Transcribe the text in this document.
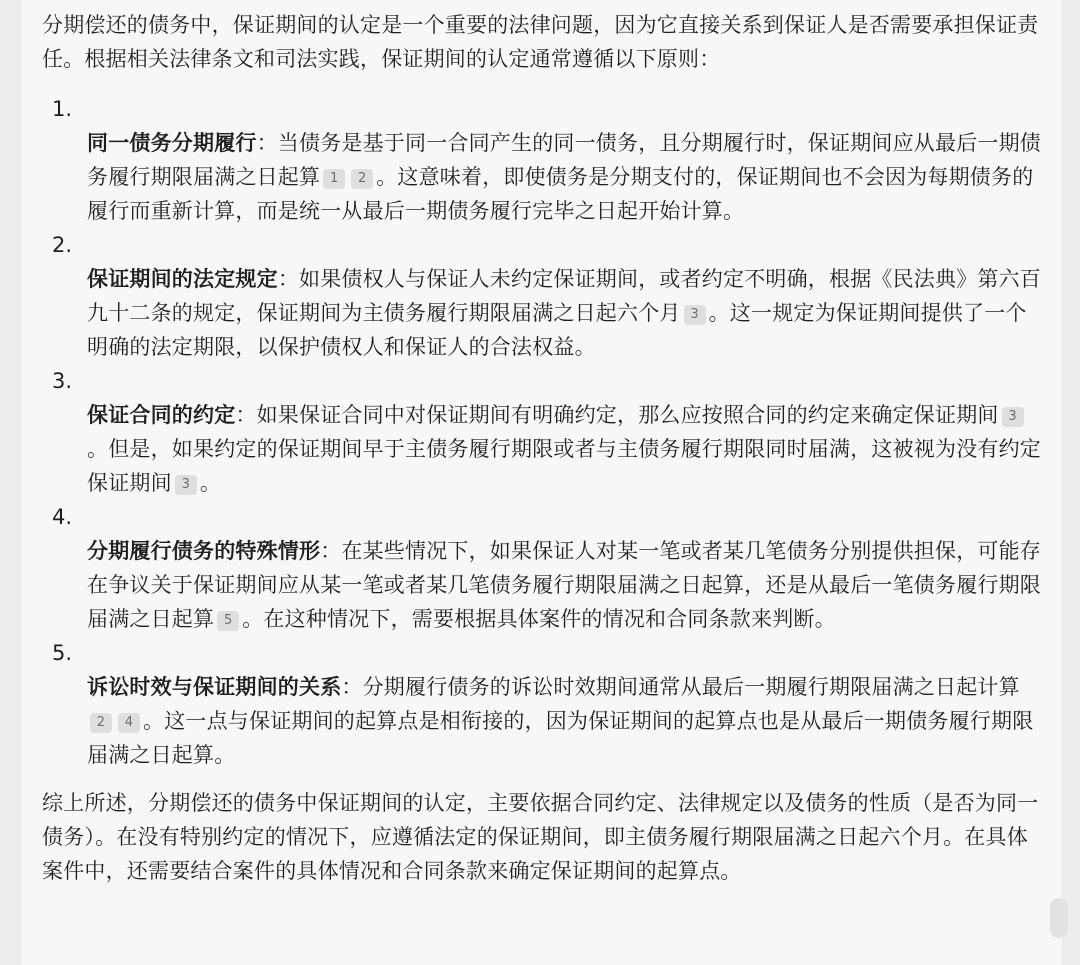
分期偿还的债务中，保证期间的认定是一个重要的法律问题，因为它直接关系到保证人是否需要承担保证责任。根据相关法律条文和司法实践，保证期间的认定通常遵循以下原则：

1.

同一债务分期履行：当债务是基于同一合同产生的同一债务，且分期履行时，保证期间应从最后一期债务履行期限届满之日起算 1 2 。这意味着，即使债务是分期支付的，保证期间也不会因为每期债务的履行而重新计算，而是统一从最后一期债务履行完毕之日起开始计算。

2.

保证期间的法定规定：如果债权人与保证人未约定保证期间，或者约定不明确，根据《民法典》第六百九十二条的规定，保证期间为主债务履行期限届满之日起六个月 3 。这一规定为保证期间提供了一个明确的法定期限，以保护债权人和保证人的合法权益。

3.

保证合同的约定：如果保证合同中对保证期间有明确约定，那么应按照合同的约定来确定保证期间 3。但是，如果约定的保证期间早于主债务履行期限或者与主债务履行期限同时届满，这被视为没有约定保证期间 3 。

4.

分期履行债务的特殊情形：在某些情况下，如果保证人对某一笔或者某几笔债务分别提供担保，可能存在争议关于保证期间应从某一笔或者某几笔债务履行期限届满之日起算，还是从最后一笔债务履行期限届满之日起算 5 。在这种情况下，需要根据具体案件的情况和合同条款来判断。

5.

诉讼时效与保证期间的关系：分期履行债务的诉讼时效期间通常从最后一期履行期限届满之日起计算2 4 。这一点与保证期间的起算点是相衔接的，因为保证期间的起算点也是从最后一期债务履行期限届满之日起算。

综上所述，分期偿还的债务中保证期间的认定，主要依据合同约定、法律规定以及债务的性质（是否为同一债务）。在没有特别约定的情况下，应遵循法定的保证期间，即主债务履行期限届满之日起六个月。在具体案件中，还需要结合案件的具体情况和合同条款来确定保证期间的起算点。
